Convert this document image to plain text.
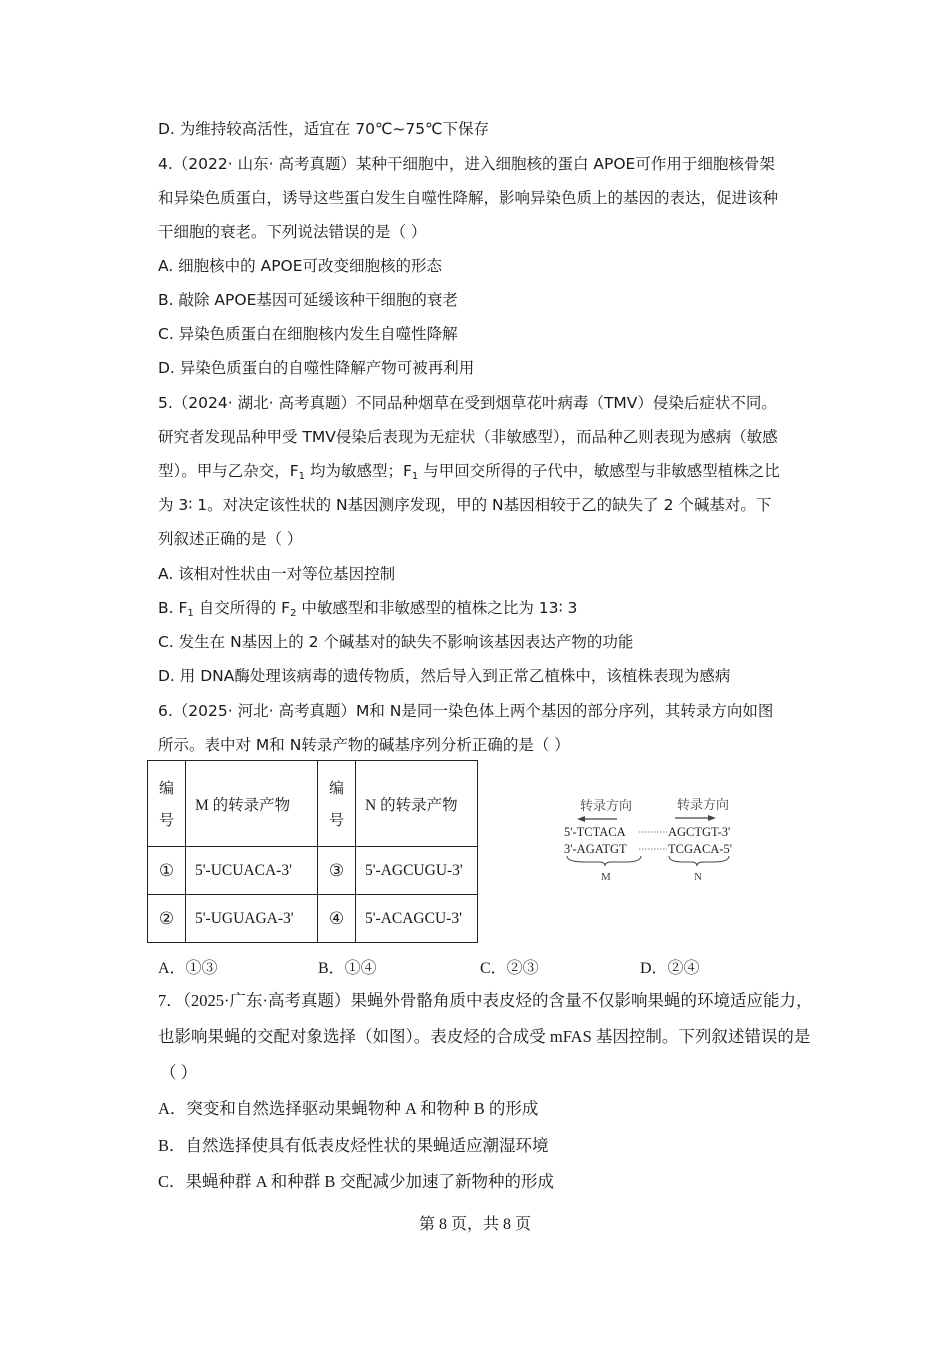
D. 为维持较高活性，适宜在 70℃~75℃下保存
4.（2022· 山东· 高考真题）某种干细胞中，进入细胞核的蛋白 APOE可作用于细胞核骨架
和异染色质蛋白，诱导这些蛋白发生自噬性降解，影响异染色质上的基因的表达，促进该种
干细胞的衰老。下列说法错误的是（ ）
A. 细胞核中的 APOE可改变细胞核的形态
B. 敲除 APOE基因可延缓该种干细胞的衰老
C. 异染色质蛋白在细胞核内发生自噬性降解
D. 异染色质蛋白的自噬性降解产物可被再利用
5.（2024· 湖北· 高考真题）不同品种烟草在受到烟草花叶病毒（TMV）侵染后症状不同。
研究者发现品种甲受 TMV侵染后表现为无症状（非敏感型），而品种乙则表现为感病（敏感
型）。甲与乙杂交，$F_1$ 均为敏感型；$F_1$ 与甲回交所得的子代中，敏感型与非敏感型植株之比
为 3∶ 1。对决定该性状的 N基因测序发现，甲的 N基因相较于乙的缺失了 2 个碱基对。下
列叙述正确的是（ ）
A. 该相对性状由一对等位基因控制
B. $F_1$ 自交所得的 $F_2$ 中敏感型和非敏感型的植株之比为 13∶ 3
C. 发生在 N基因上的 2 个碱基对的缺失不影响该基因表达产物的功能
D. 用 DNA酶处理该病毒的遗传物质，然后导入到正常乙植株中，该植株表现为感病
6.（2025· 河北· 高考真题）M和 N是同一染色体上两个基因的部分序列，其转录方向如图
所示。表中对 M和 N转录产物的碱基序列分析正确的是（ ）
编
号	M 的转录产物	编
号	N 的转录产物
①	5'-UCUACA-3'	③	5'-AGCUGU-3'
②	5'-UGUAGA-3'	④	5'-ACAGCU-3'
转录方向	转录方向
5'-TCTACA
3'-AGATGT
AGCTGT-3'
TCGACA-5'
M	N
A．①③	B．①④	C．②③	D．②④
7．（2025·广东·高考真题）果蝇外骨骼角质中表皮烃的含量不仅影响果蝇的环境适应能力，
也影响果蝇的交配对象选择（如图）。表皮烃的合成受 mFAS 基因控制。下列叙述错误的是
（ ）
A．突变和自然选择驱动果蝇物种 A 和物种 B 的形成
B．自然选择使具有低表皮烃性状的果蝇适应潮湿环境
C．果蝇种群 A 和种群 B 交配减少加速了新物种的形成
第 8 页，共 8 页
